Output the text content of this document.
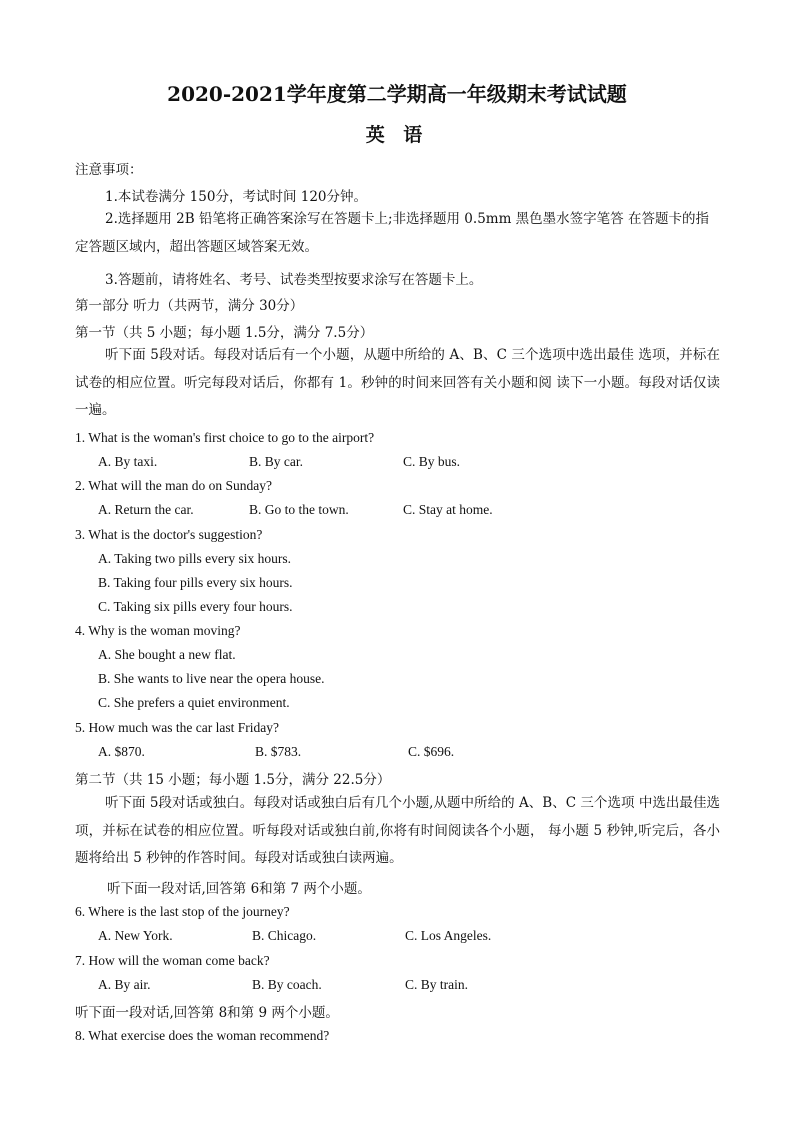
2020-2021学年度第二学期高一年级期末考试试题
英 语
注意事项：
1.本试卷满分 150分，考试时间 120分钟。
2.选择题用 2B 铅笔将正确答案涂写在答题卡上;非选择题用 0.5mm 黑色墨水签字笔答 在答题卡的指定答题区域内，超出答题区域答案无效。
3.答题前，请将姓名、考号、试卷类型按要求涂写在答题卡上。
第一部分 听力（共两节，满分 30分）
第一节（共 5 小题；每小题 1.5分，满分 7.5分）
听下面 5段对话。每段对话后有一个小题，从题中所给的 A、B、C 三个选项中选出最佳 选项，并标在试卷的相应位置。听完每段对话后，你都有 1。秒钟的时间来回答有关小题和阅 读下一小题。每段对话仅读一遍。
1. What is the woman's first choice to go to the airport?
A. By taxi.	B. By car.	C. By bus.
2. What will the man do on Sunday?
A. Return the car.	B. Go to the town.	C. Stay at home.
3. What is the doctor's suggestion?
A. Taking two pills every six hours.
B. Taking four pills every six hours.
C. Taking six pills every four hours.
4. Why is the woman moving?
A. She bought a new flat.
B. She wants to live near the opera house.
C. She prefers a quiet environment.
5. How much was the car last Friday?
A. $870.	B. $783.	C. $696.
第二节（共 15 小题；每小题 1.5分，满分 22.5分）
听下面 5段对话或独白。每段对话或独白后有几个小题,从题中所给的 A、B、C 三个选项 中选出最佳选项，并标在试卷的相应位置。听每段对话或独白前,你将有时间阅读各个小题， 每小题 5 秒钟,听完后，各小题将给出 5 秒钟的作答时间。每段对话或独白读两遍。
听下面一段对话,回答第 6和第 7 两个小题。
6. Where is the last stop of the journey?
A. New York.	B. Chicago.	C. Los Angeles.
7. How will the woman come back?
A. By air.	B. By coach.	C. By train.
听下面一段对话,回答第 8和第 9 两个小题。
8. What exercise does the woman recommend?
